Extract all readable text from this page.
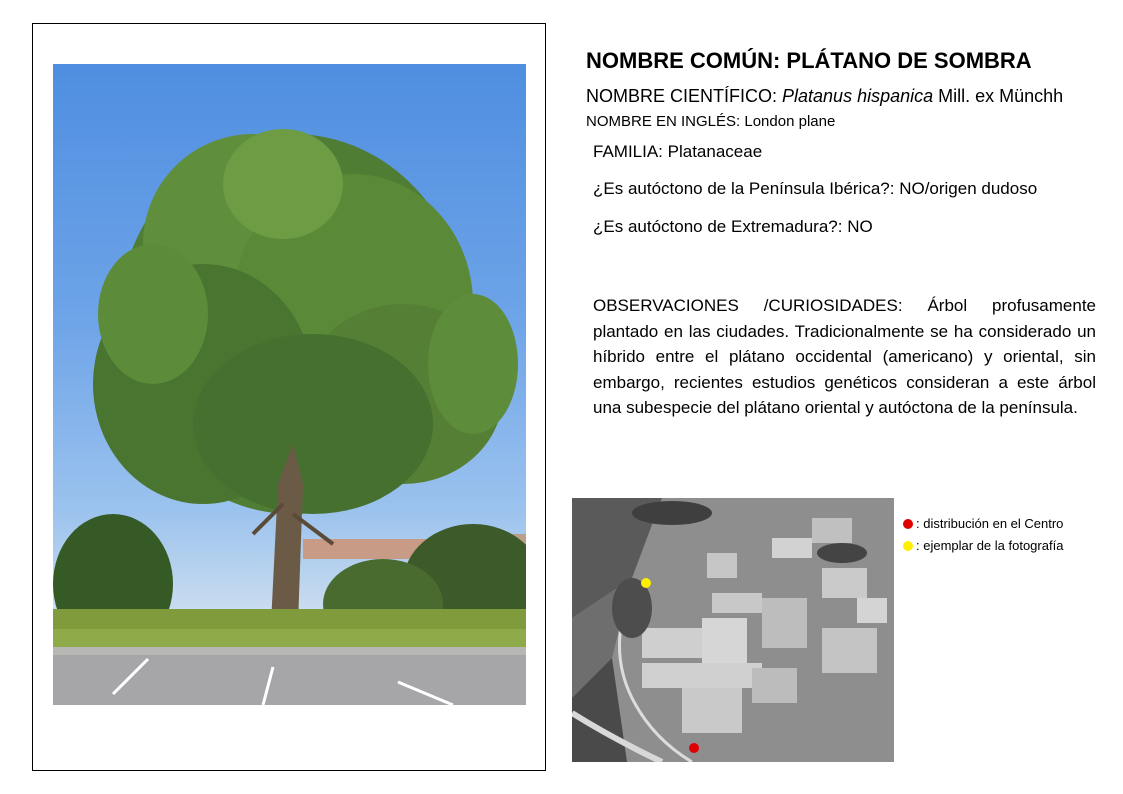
NOMBRE COMÚN: PLÁTANO DE SOMBRA
NOMBRE CIENTÍFICO: Platanus hispanica Mill. ex Münchh
NOMBRE EN INGLÉS: London plane
FAMILIA: Platanaceae
¿Es autóctono de la Península Ibérica?: NO/origen dudoso
¿Es autóctono de Extremadura?: NO
OBSERVACIONES /CURIOSIDADES: Árbol profusamente plantado en las ciudades. Tradicionalmente se ha considerado un híbrido entre el plátano occidental (americano) y oriental, sin embargo, recientes estudios genéticos consideran a este árbol una subespecie del plátano oriental y autóctona de la península.
: distribución en el Centro
: ejemplar de la fotografía
